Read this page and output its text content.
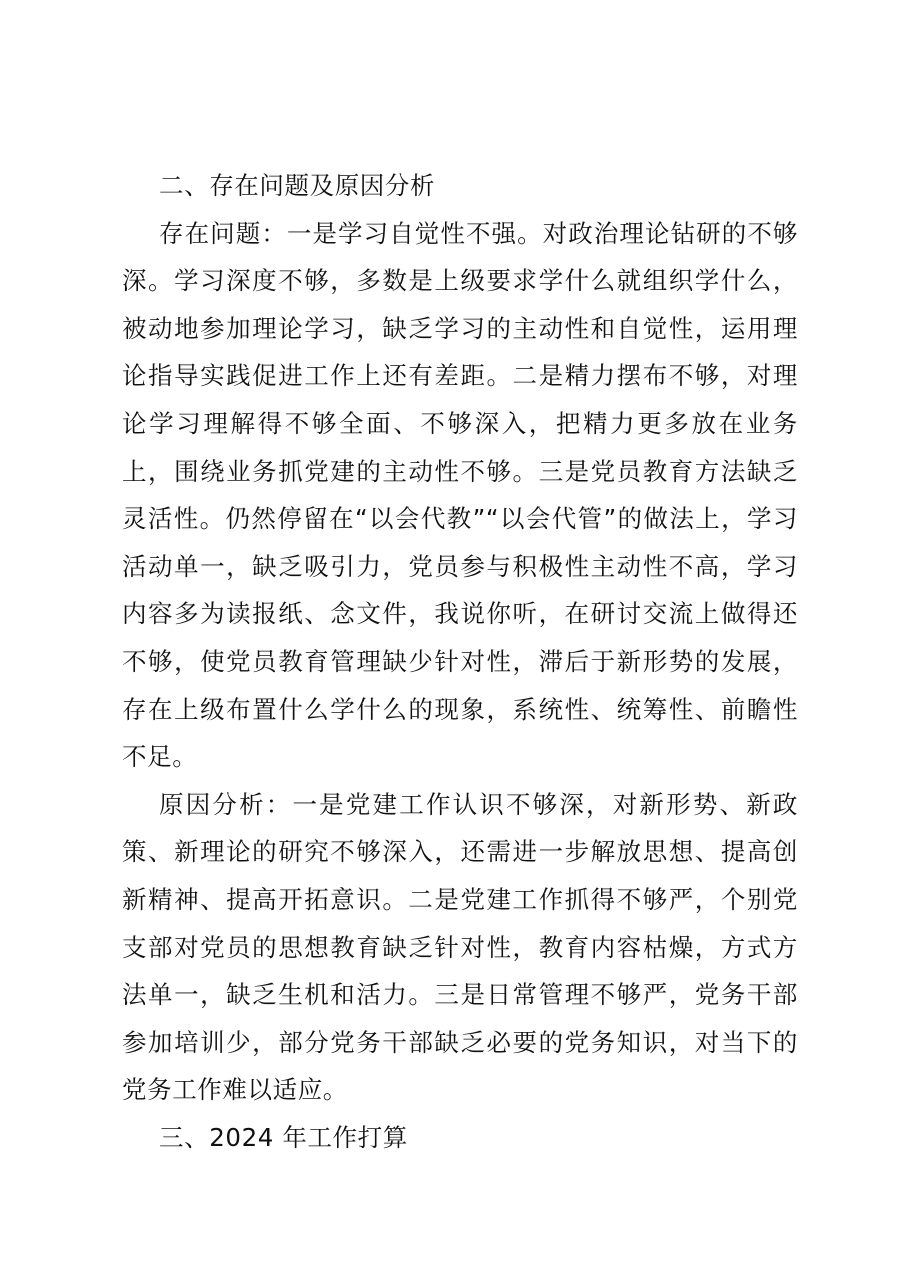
二、存在问题及原因分析

存在问题：一是学习自觉性不强。对政治理论钻研的不够深。学习深度不够，多数是上级要求学什么就组织学什么，被动地参加理论学习，缺乏学习的主动性和自觉性，运用理论指导实践促进工作上还有差距。二是精力摆布不够，对理论学习理解得不够全面、不够深入，把精力更多放在业务上，围绕业务抓党建的主动性不够。三是党员教育方法缺乏灵活性。仍然停留在“以会代教”“以会代管”的做法上，学习活动单一，缺乏吸引力，党员参与积极性主动性不高，学习内容多为读报纸、念文件，我说你听，在研讨交流上做得还不够，使党员教育管理缺少针对性，滞后于新形势的发展，存在上级布置什么学什么的现象，系统性、统筹性、前瞻性不足。

原因分析：一是党建工作认识不够深，对新形势、新政策、新理论的研究不够深入，还需进一步解放思想、提高创新精神、提高开拓意识。二是党建工作抓得不够严，个别党支部对党员的思想教育缺乏针对性，教育内容枯燥，方式方法单一，缺乏生机和活力。三是日常管理不够严，党务干部参加培训少，部分党务干部缺乏必要的党务知识，对当下的党务工作难以适应。

三、2024 年工作打算
